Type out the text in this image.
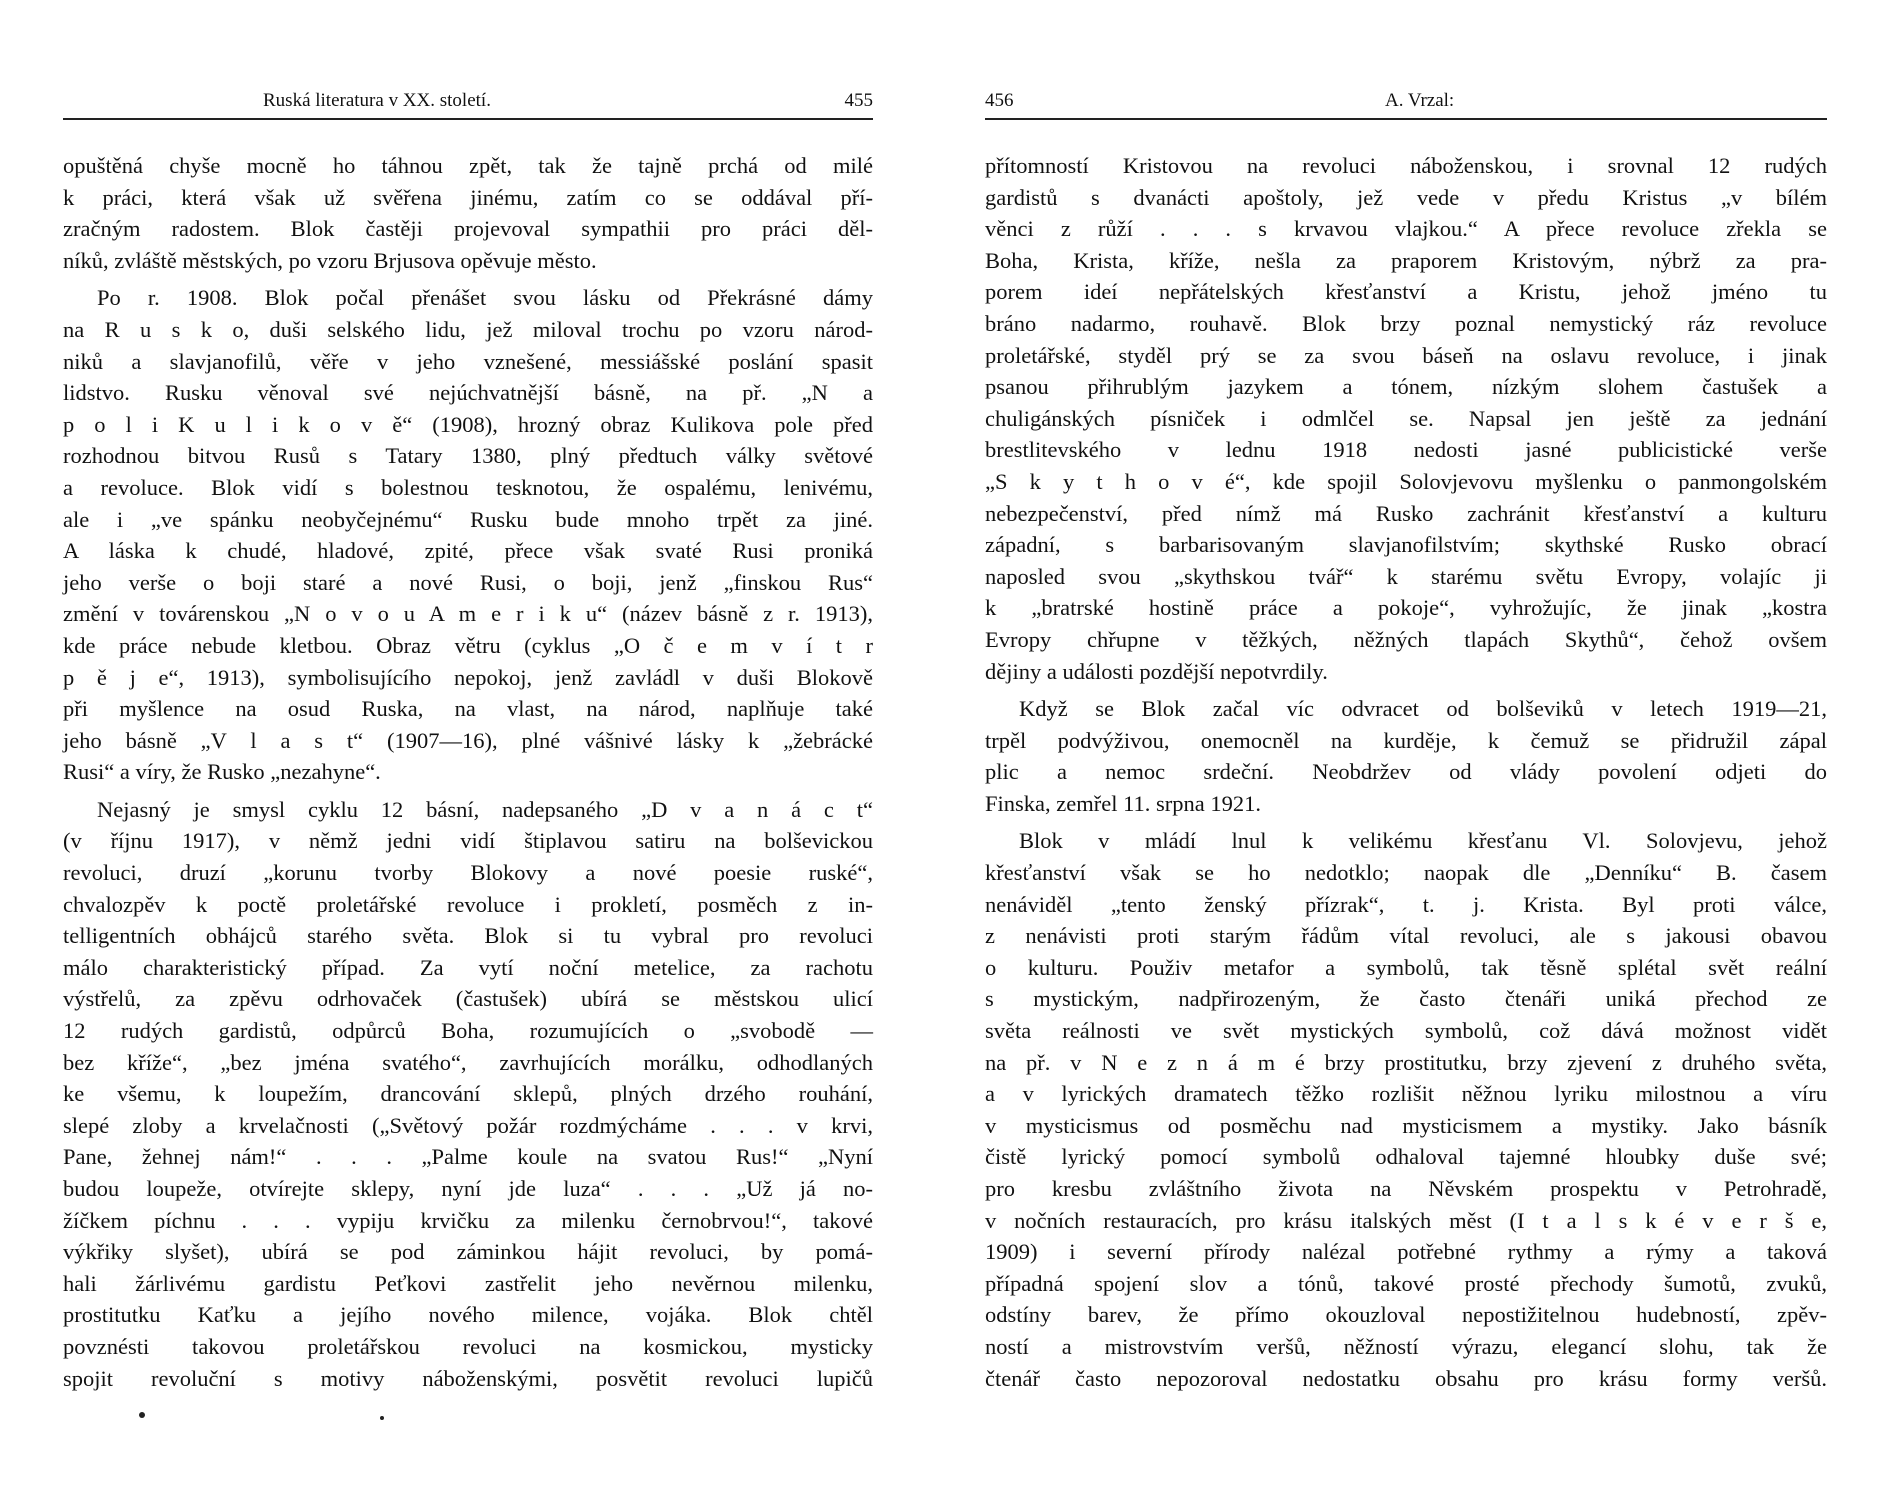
Ruská literatura v XX. století.	455
opuštěná chyše mocně ho táhnou zpět, tak že tajně prchá od milé
k práci, která však už svěřena jinému, zatím co se oddával pří-
zračným radostem. Blok častěji projevoval sympathii pro práci děl-
níků, zvláště městských, po vzoru Brjusova opěvuje město.
Po r. 1908. Blok počal přenášet svou lásku od Překrásné dámy
na R u s k o, duši selského lidu, jež miloval trochu po vzoru národ-
niků a slavjanofilů, věře v jeho vznešené, messiášské poslání spasit
lidstvo. Rusku věnoval své nejúchvatnější básně, na př. „N a
p o l i K u l i k o v ě“ (1908), hrozný obraz Kulikova pole před
rozhodnou bitvou Rusů s Tatary 1380, plný předtuch války světové
a revoluce. Blok vidí s bolestnou tesknotou, že ospalému, lenivému,
ale i „ve spánku neobyčejnému“ Rusku bude mnoho trpět za jiné.
A láska k chudé, hladové, zpité, přece však svaté Rusi proniká
jeho verše o boji staré a nové Rusi, o boji, jenž „finskou Rus“
změní v továrenskou „N o v o u A m e r i k u“ (název básně z r. 1913),
kde práce nebude kletbou. Obraz větru (cyklus „O č e m v í t r
p ě j e“, 1913), symbolisujícího nepokoj, jenž zavládl v duši Blokově
při myšlence na osud Ruska, na vlast, na národ, naplňuje také
jeho básně „V l a s t“ (1907—16), plné vášnivé lásky k „žebrácké
Rusi“ a víry, že Rusko „nezahyne“.
Nejasný je smysl cyklu 12 básní, nadepsaného „D v a n á c t“
(v říjnu 1917), v němž jedni vidí štiplavou satiru na bolševickou
revoluci, druzí „korunu tvorby Blokovy a nové poesie ruské“,
chvalozpěv k poctě proletářské revoluce i prokletí, posměch z in-
telligentních obhájců starého světa. Blok si tu vybral pro revoluci
málo charakteristický případ. Za vytí noční metelice, za rachotu
výstřelů, za zpěvu odrhovaček (častušek) ubírá se městskou ulicí
12 rudých gardistů, odpůrců Boha, rozumujících o „svobodě —
bez kříže“, „bez jména svatého“, zavrhujících morálku, odhodlaných
ke všemu, k loupežím, drancování sklepů, plných drzého rouhání,
slepé zloby a krvelačnosti („Světový požár rozdmýcháme . . . v krvi,
Pane, žehnej nám!“ . . . „Palme koule na svatou Rus!“ „Nyní
budou loupeže, otvírejte sklepy, nyní jde luza“ . . . „Už já no-
žíčkem píchnu . . . vypiju krvičku za milenku černobrvou!“, takové
výkřiky slyšet), ubírá se pod záminkou hájit revoluci, by pomá-
hali žárlivému gardistu Peťkovi zastřelit jeho nevěrnou milenku,
prostitutku Kaťku a jejího nového milence, vojáka. Blok chtěl
povznésti takovou proletářskou revoluci na kosmickou, mysticky
spojit revoluční s motivy náboženskými, posvětit revoluci lupičů
456	A. Vrzal:
přítomností Kristovou na revoluci náboženskou, i srovnal 12 rudých
gardistů s dvanácti apoštoly, jež vede v předu Kristus „v bílém
věnci z růží . . . s krvavou vlajkou.“ A přece revoluce zřekla se
Boha, Krista, kříže, nešla za praporem Kristovým, nýbrž za pra-
porem ideí nepřátelských křesťanství a Kristu, jehož jméno tu
bráno nadarmo, rouhavě. Blok brzy poznal nemystický ráz revoluce
proletářské, styděl prý se za svou báseň na oslavu revoluce, i jinak
psanou přihrublým jazykem a tónem, nízkým slohem častušek a
chuligánských písniček i odmlčel se. Napsal jen ještě za jednání
brestlitevského v lednu 1918 nedosti jasné publicistické verše
„S k y t h o v é“, kde spojil Solovjevovu myšlenku o panmongolském
nebezpečenství, před nímž má Rusko zachránit křesťanství a kulturu
západní, s barbarisovaným slavjanofilstvím; skythské Rusko obrací
naposled svou „skythskou tvář“ k starému světu Evropy, volajíc ji
k „bratrské hostině práce a pokoje“, vyhrožujíc, že jinak „kostra
Evropy chřupne v těžkých, něžných tlapách Skythů“, čehož ovšem
dějiny a události pozdější nepotvrdily.
Když se Blok začal víc odvracet od bolševiků v letech 1919—21,
trpěl podvýživou, onemocněl na kurděje, k čemuž se přidružil zápal
plic a nemoc srdeční. Neobdržev od vlády povolení odjeti do
Finska, zemřel 11. srpna 1921.
Blok v mládí lnul k velikému křesťanu Vl. Solovjevu, jehož
křesťanství však se ho nedotklo; naopak dle „Denníku“ B. časem
nenáviděl „tento ženský přízrak“, t. j. Krista. Byl proti válce,
z nenávisti proti starým řádům vítal revoluci, ale s jakousi obavou
o kulturu. Použiv metafor a symbolů, tak těsně splétal svět reální
s mystickým, nadpřirozeným, že často čtenáři uniká přechod ze
světa reálnosti ve svět mystických symbolů, což dává možnost vidět
na př. v N e z n á m é brzy prostitutku, brzy zjevení z druhého světa,
a v lyrických dramatech těžko rozlišit něžnou lyriku milostnou a víru
v mysticismus od posměchu nad mysticismem a mystiky. Jako básník
čistě lyrický pomocí symbolů odhaloval tajemné hloubky duše své;
pro kresbu zvláštního života na Něvském prospektu v Petrohradě,
v nočních restauracích, pro krásu italských měst (I t a l s k é v e r š e,
1909) i severní přírody nalézal potřebné rythmy a rýmy a taková
případná spojení slov a tónů, takové prosté přechody šumotů, zvuků,
odstíny barev, že přímo okouzloval nepostižitelnou hudebností, zpěv-
ností a mistrovstvím veršů, něžností výrazu, elegancí slohu, tak že
čtenář často nepozoroval nedostatku obsahu pro krásu formy veršů.
